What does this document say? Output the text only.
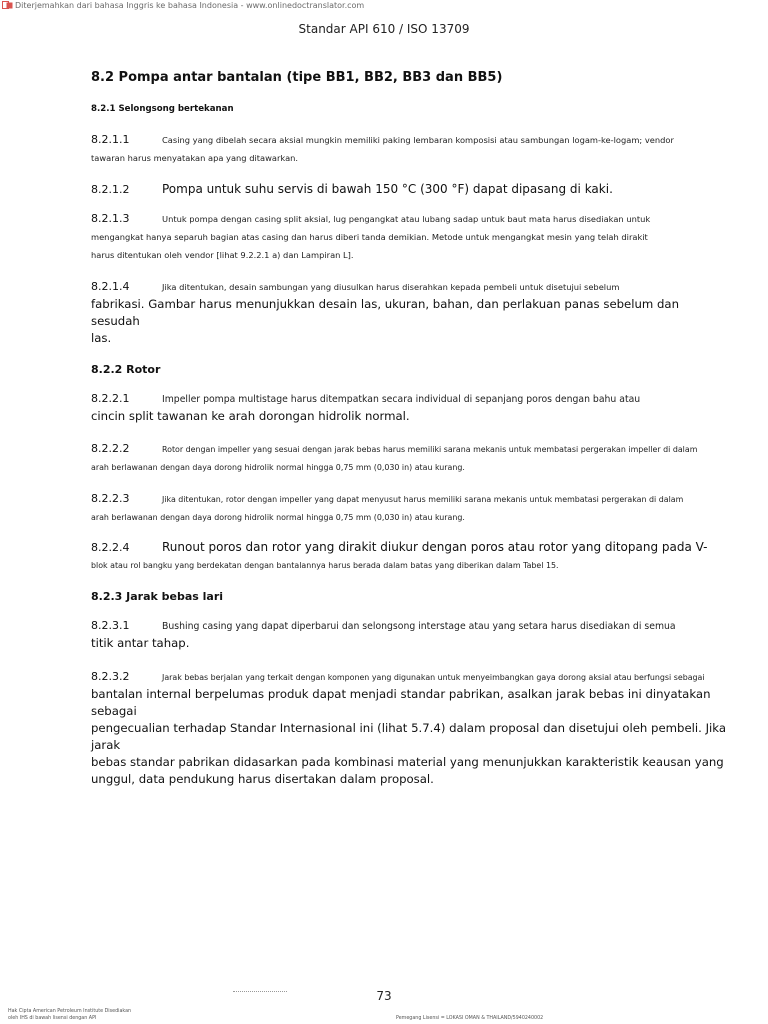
Diterjemahkan dari bahasa Inggris ke bahasa Indonesia - www.onlinedoctranslator.com
Standar API 610 / ISO 13709
8.2 Pompa antar bantalan (tipe BB1, BB2, BB3 dan BB5)
8.2.1 Selongsong bertekanan
8.2.1.1	Casing yang dibelah secara aksial mungkin memiliki paking lembaran komposisi atau sambungan logam-ke-logam; vendor
tawaran harus menyatakan apa yang ditawarkan.
8.2.1.2	Pompa untuk suhu servis di bawah 150 °C (300 °F) dapat dipasang di kaki.
8.2.1.3	Untuk pompa dengan casing split aksial, lug pengangkat atau lubang sadap untuk baut mata harus disediakan untuk
mengangkat hanya separuh bagian atas casing dan harus diberi tanda demikian. Metode untuk mengangkat mesin yang telah dirakit
harus ditentukan oleh vendor [lihat 9.2.2.1 a) dan Lampiran L].
8.2.1.4	Jika ditentukan, desain sambungan yang diusulkan harus diserahkan kepada pembeli untuk disetujui sebelum
fabrikasi. Gambar harus menunjukkan desain las, ukuran, bahan, dan perlakuan panas sebelum dan sesudah
las.
8.2.2 Rotor
8.2.2.1	Impeller pompa multistage harus ditempatkan secara individual di sepanjang poros dengan bahu atau
cincin split tawanan ke arah dorongan hidrolik normal.
8.2.2.2	Rotor dengan impeller yang sesuai dengan jarak bebas harus memiliki sarana mekanis untuk membatasi pergerakan impeller di dalam
arah berlawanan dengan daya dorong hidrolik normal hingga 0,75 mm (0,030 in) atau kurang.
8.2.2.3	Jika ditentukan, rotor dengan impeller yang dapat menyusut harus memiliki sarana mekanis untuk membatasi pergerakan di dalam
arah berlawanan dengan daya dorong hidrolik normal hingga 0,75 mm (0,030 in) atau kurang.
8.2.2.4	Runout poros dan rotor yang dirakit diukur dengan poros atau rotor yang ditopang pada V-
blok atau rol bangku yang berdekatan dengan bantalannya harus berada dalam batas yang diberikan dalam Tabel 15.
8.2.3 Jarak bebas lari
8.2.3.1	Bushing casing yang dapat diperbarui dan selongsong interstage atau yang setara harus disediakan di semua
titik antar tahap.
8.2.3.2	Jarak bebas berjalan yang terkait dengan komponen yang digunakan untuk menyeimbangkan gaya dorong aksial atau berfungsi sebagai
bantalan internal berpelumas produk dapat menjadi standar pabrikan, asalkan jarak bebas ini dinyatakan sebagai
pengecualian terhadap Standar Internasional ini (lihat 5.7.4) dalam proposal dan disetujui oleh pembeli. Jika jarak
bebas standar pabrikan didasarkan pada kombinasi material yang menunjukkan karakteristik keausan yang
unggul, data pendukung harus disertakan dalam proposal.
73
Hak Cipta American Petroleum Institute Disediakan
oleh IHS di bawah lisensi dengan API	Pemegang Lisensi = LOKASI OMAN & THAILAND/5940240002
